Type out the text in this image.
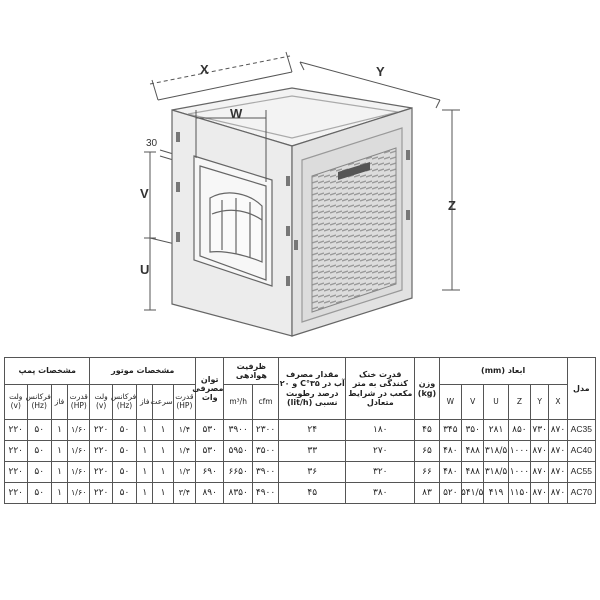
X	Y
Z
W
V
U
30
مدل	ابعاد (mm)						وزن (kg)	قدرت خنک کنندگی به متر مکعب در شرایط متعادل	مقدار مصرف آب در ۳۵°C و ۲۰ درصد رطوبت نسبی (lit/h)	ظرفیت هوادهی		توان مصرفی وات	مشخصات موتور					مشخصات پمپ			
	X	Y	Z	U	V	W				cfm	m³/h		قدرت (HP)	سرعت	فاز	فرکانس (Hz)	ولت (v)	قدرت (HP)	فاز	فرکانس (Hz)	ولت (v)
AC35	۸۷۰	۷۳۰	۸۵۰	۲۸۱	۳۵۰	۳۴۵	۴۵	۱۸۰	۲۴	۲۳۰۰	۳۹۰۰	۵۳۰	۱/۴	۱	۱	۵۰	۲۲۰	۱/۶۰	۱	۵۰	۲۲۰
AC40	۸۷۰	۸۷۰	۱۰۰۰	۳۱۸/۵	۴۸۸	۴۸۰	۶۵	۲۷۰	۳۳	۳۵۰۰	۵۹۵۰	۵۳۰	۱/۴	۱	۱	۵۰	۲۲۰	۱/۶۰	۱	۵۰	۲۲۰
AC55	۸۷۰	۸۷۰	۱۰۰۰	۳۱۸/۵	۴۸۸	۴۸۰	۶۶	۳۲۰	۳۶	۳۹۰۰	۶۶۵۰	۶۹۰	۱/۳	۱	۱	۵۰	۲۲۰	۱/۶۰	۱	۵۰	۲۲۰
AC70	۸۷۰	۸۷۰	۱۱۵۰	۴۱۹	۵۴۱/۵	۵۲۰	۸۳	۳۸۰	۴۵	۴۹۰۰	۸۳۵۰	۸۹۰	۳/۴	۱	۱	۵۰	۲۲۰	۱/۶۰	۱	۵۰	۲۲۰
